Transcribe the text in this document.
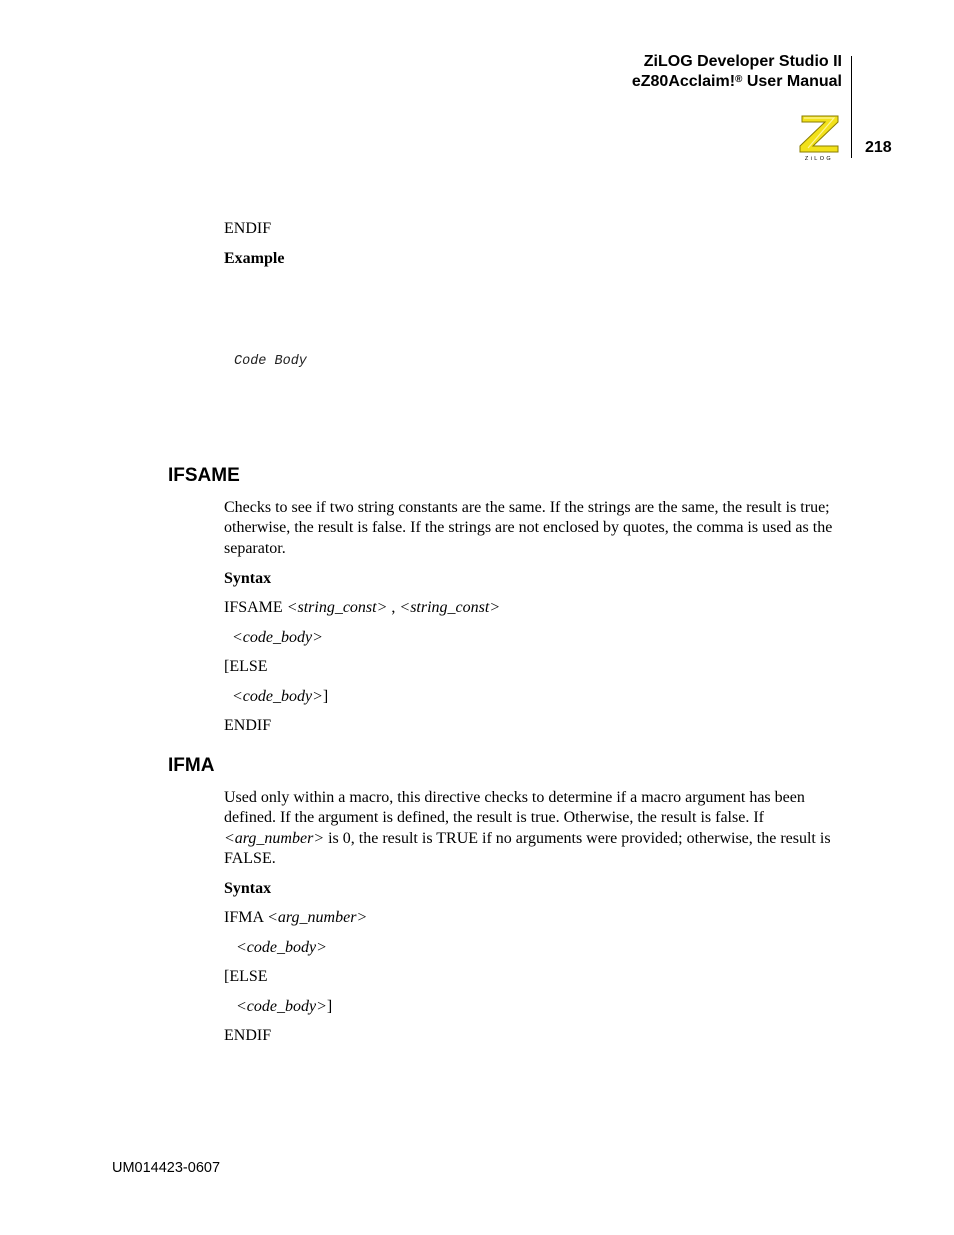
ZiLOG Developer Studio II
eZ80Acclaim!® User Manual
218
ZiLOG
ENDIF
Example
Code Body
IFSAME
Checks to see if two string constants are the same. If the strings are the same, the result is true; otherwise, the result is false. If the strings are not enclosed by quotes, the comma is used as the separator.
Syntax
IFSAME <string_const> , <string_const>
<code_body>
[ELSE
<code_body>]
ENDIF
IFMA
Used only within a macro, this directive checks to determine if a macro argument has been defined. If the argument is defined, the result is true. Otherwise, the result is false. If <arg_number> is 0, the result is TRUE if no arguments were provided; otherwise, the result is FALSE.
Syntax
IFMA <arg_number>
<code_body>
[ELSE
<code_body>]
ENDIF
UM014423-0607
